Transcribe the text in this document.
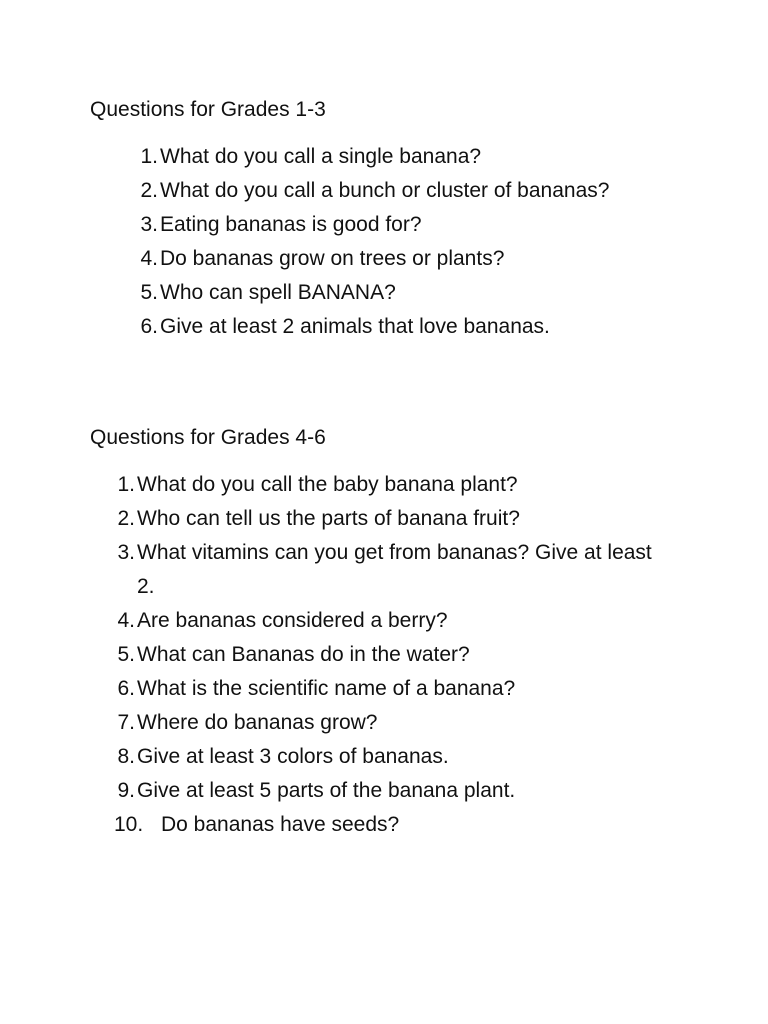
Questions for Grades 1-3
1. What do you call a single banana?
2. What do you call a bunch or cluster of bananas?
3. Eating bananas is good for?
4. Do bananas grow on trees or plants?
5. Who can spell BANANA?
6. Give at least 2 animals that love bananas.
Questions for Grades 4-6
1. What do you call the baby banana plant?
2. Who can tell us the parts of banana fruit?
3. What vitamins can you get from bananas? Give at least 2.
4. Are bananas considered a berry?
5. What can Bananas do in the water?
6. What is the scientific name of a banana?
7. Where do bananas grow?
8. Give at least 3 colors of bananas.
9. Give at least 5 parts of the banana plant.
10. Do bananas have seeds?
